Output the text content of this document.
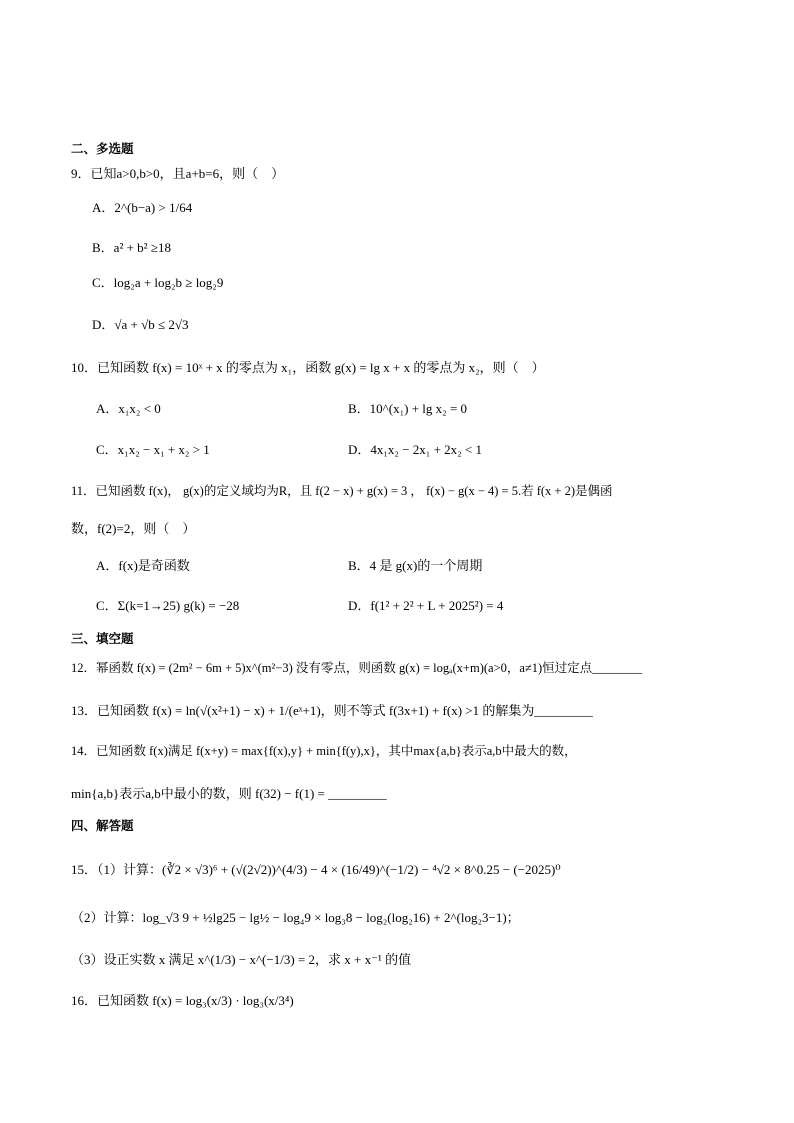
二、多选题
9．已知a>0,b>0，且a+b=6，则（　）
A．2^(b−a) > 1/64
B．a² + b² ≥18
C．log₂a + log₂b ≥ log₂9
D．√a + √b ≤ 2√3
10．已知函数 f(x) = 10ˣ + x 的零点为 x₁，函数 g(x) = lg x + x 的零点为 x₂，则（　）
A．x₁x₂ < 0	B．10^(x₁) + lg x₂ = 0
C．x₁x₂ − x₁ + x₂ > 1	D．4x₁x₂ − 2x₁ + 2x₂ < 1
11．已知函数 f(x)， g(x)的定义域均为R，且 f(2 − x) + g(x) = 3 ， f(x) − g(x − 4) = 5.若 f(x + 2)是偶函
数，f(2)=2，则（　）
A．f(x)是奇函数	B．4 是 g(x)的一个周期
C．Σ(k=1→25) g(k) = −28	D．f(1² + 2² + L + 2025²) = 4
三、填空题
12．幂函数 f(x) = (2m² − 6m + 5)x^(m²−3) 没有零点，则函数 g(x) = logₐ(x+m)(a>0，a≠1)恒过定点________
13．已知函数 f(x) = ln(√(x²+1) − x) + 1/(eˣ+1)，则不等式 f(3x+1) + f(x) >1 的解集为_________
14．已知函数 f(x)满足 f(x+y) = max{f(x),y} + min{f(y),x}，其中max{a,b}表示a,b中最大的数，
min{a,b}表示a,b中最小的数，则 f(32) − f(1) = _________
四、解答题
15．（1）计算：(∛2 × √3)⁶ + (√(2√2))^(4/3) − 4 × (16/49)^(−1/2) − ⁴√2 × 8^0.25 − (−2025)⁰
（2）计算：log_√3 9 + ½lg25 − lg½ − log₄9 × log₃8 − log₂(log₂16) + 2^(log₂3−1)；
（3）设正实数 x 满足 x^(1/3) − x^(−1/3) = 2，求 x + x⁻¹ 的值
16．已知函数 f(x) = log₃(x/3) · log₃(x/3⁴)
